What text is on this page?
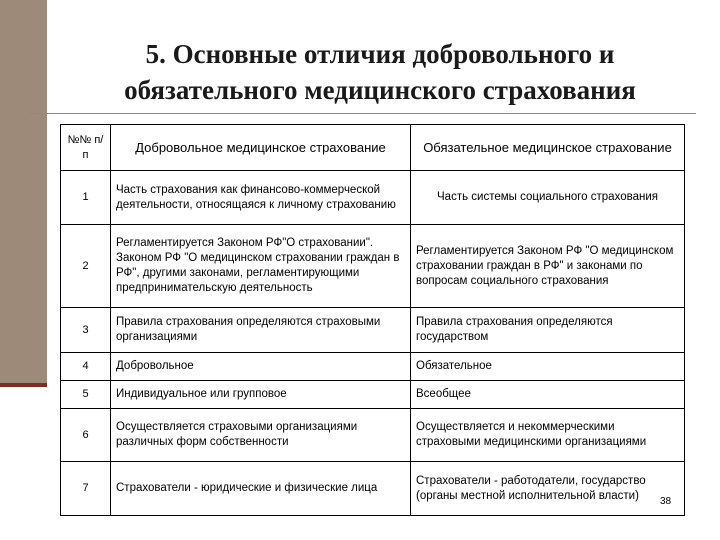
5. Основные отличия добровольного и обязательного медицинского страхования
№№ п/п	Добровольное медицинское страхование	Обязательное медицинское страхование
1	Часть страхования как финансово-коммерческой деятельности, относящаяся к личному страхованию	Часть системы социального страхования
2	Регламентируется Законом РФ"О страховании". Законом РФ "О медицинском страховании граждан в РФ", другими законами, регламентирующими предпринимательскую деятельность	Регламентируется Законом РФ "О медицинском страховании граждан в РФ" и законами по вопросам социального страхования
3	Правила страхования определяются страховыми организациями	Правила страхования определяются государством
4	Добровольное	Обязательное
5	Индивидуальное или групповое	Всеобщее
6	Осуществляется страховыми организациями различных форм собственности	Осуществляется и некоммерческими страховыми медицинскими организациями
7	Страхователи - юридические и физические лица	Страхователи - работодатели, государство (органы местной исполнительной власти) 38
